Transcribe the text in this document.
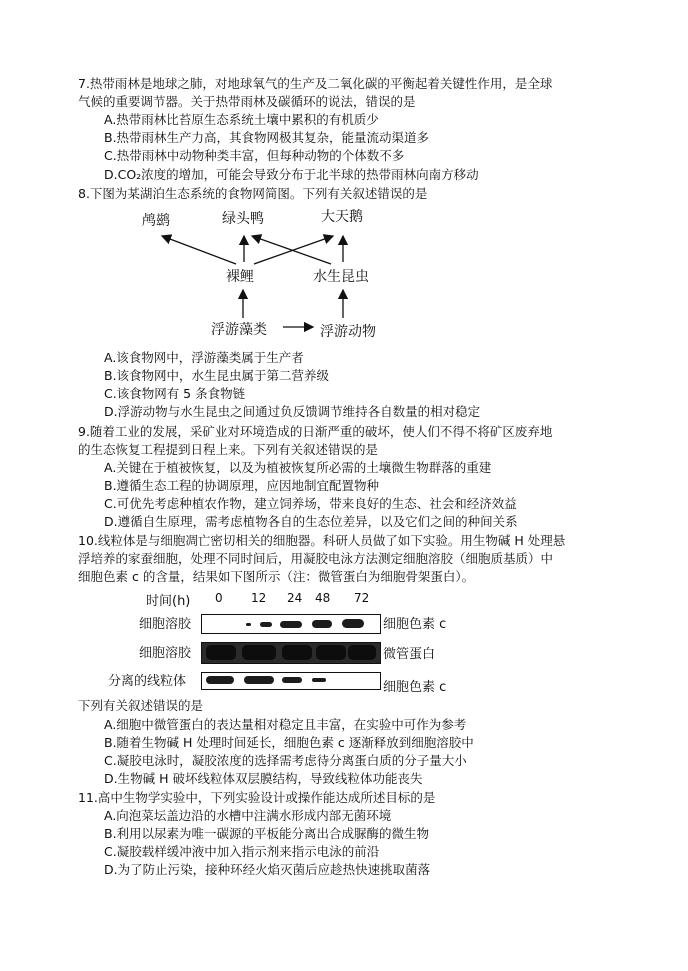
7.热带雨林是地球之肺，对地球氧气的生产及二氧化碳的平衡起着关键性作用，是全球
气候的重要调节器。关于热带雨林及碳循环的说法，错误的是
A.热带雨林比苔原生态系统土壤中累积的有机质少
B.热带雨林生产力高，其食物网极其复杂，能量流动渠道多
C.热带雨林中动物种类丰富，但每种动物的个体数不多
D.CO₂浓度的增加，可能会导致分布于北半球的热带雨林向南方移动
8.下图为某湖泊生态系统的食物网简图。下列有关叙述错误的是
鸬鹚	绿头鸭	大天鹅
裸鲤	水生昆虫
浮游藻类	浮游动物
A.该食物网中，浮游藻类属于生产者
B.该食物网中，水生昆虫属于第二营养级
C.该食物网有 5 条食物链
D.浮游动物与水生昆虫之间通过负反馈调节维持各自数量的相对稳定
9.随着工业的发展，采矿业对环境造成的日渐严重的破坏，使人们不得不将矿区废弃地
的生态恢复工程提到日程上来。下列有关叙述错误的是
A.关键在于植被恢复，以及为植被恢复所必需的土壤微生物群落的重建
B.遵循生态工程的协调原理，应因地制宜配置物种
C.可优先考虑种植农作物，建立饲养场，带来良好的生态、社会和经济效益
D.遵循自生原理，需考虑植物各自的生态位差异，以及它们之间的种间关系
10.线粒体是与细胞凋亡密切相关的细胞器。科研人员做了如下实验。用生物碱 H 处理悬
浮培养的家蚕细胞，处理不同时间后，用凝胶电泳方法测定细胞溶胶（细胞质基质）中
细胞色素 c 的含量，结果如下图所示（注：微管蛋白为细胞骨架蛋白）。
时间(h) 0 12 24 48 72
细胞溶胶	细胞色素 c
细胞溶胶	微管蛋白
分离的线粒体	细胞色素 c
下列有关叙述错误的是
A.细胞中微管蛋白的表达量相对稳定且丰富，在实验中可作为参考
B.随着生物碱 H 处理时间延长，细胞色素 c 逐渐释放到细胞溶胶中
C.凝胶电泳时，凝胶浓度的选择需考虑待分离蛋白质的分子量大小
D.生物碱 H 破坏线粒体双层膜结构，导致线粒体功能丧失
11.高中生物学实验中，下列实验设计或操作能达成所述目标的是
A.向泡菜坛盖边沿的水槽中注满水形成内部无菌环境
B.利用以尿素为唯一碳源的平板能分离出合成脲酶的微生物
C.凝胶载样缓冲液中加入指示剂来指示电泳的前沿
D.为了防止污染，接种环经火焰灭菌后应趁热快速挑取菌落
